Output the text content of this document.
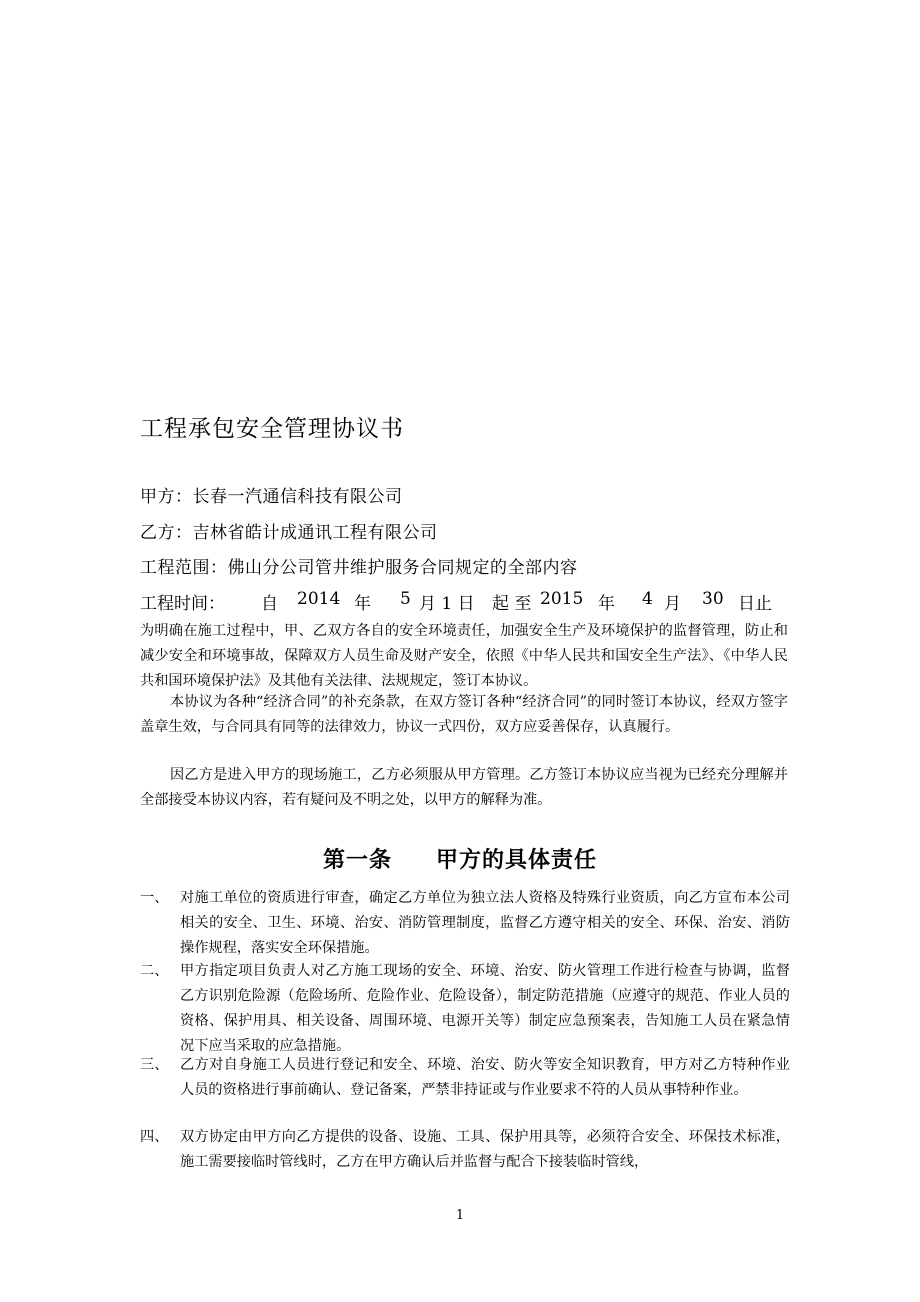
工程承包安全管理协议书
甲方：长春一汽通信科技有限公司
乙方：吉林省皓计成通讯工程有限公司
工程范围：佛山分公司管井维护服务合同规定的全部内容
工程时间： 自 2014 年 5 月 1 日 起 至 2015 年 4 月 30 日止
为明确在施工过程中，甲、乙双方各自的安全环境责任，加强安全生产及环境保护的监督管理，防止和减少安全和环境事故，保障双方人员生命及财产安全，依照《中华人民共和国安全生产法》、《中华人民共和国环境保护法》及其他有关法律、法规规定，签订本协议。
本协议为各种“经济合同”的补充条款，在双方签订各种“经济合同”的同时签订本协议，经双方签字盖章生效，与合同具有同等的法律效力，协议一式四份，双方应妥善保存，认真履行。
因乙方是进入甲方的现场施工，乙方必须服从甲方管理。乙方签订本协议应当视为已经充分理解并全部接受本协议内容，若有疑问及不明之处，以甲方的解释为准。
第一条 甲方的具体责任
一、 对施工单位的资质进行审查，确定乙方单位为独立法人资格及特殊行业资质，向乙方宣布本公司相关的安全、卫生、环境、治安、消防管理制度，监督乙方遵守相关的安全、环保、治安、消防操作规程，落实安全环保措施。
二、 甲方指定项目负责人对乙方施工现场的安全、环境、治安、防火管理工作进行检查与协调，监督乙方识别危险源（危险场所、危险作业、危险设备），制定防范措施（应遵守的规范、作业人员的资格、保护用具、相关设备、周围环境、电源开关等）制定应急预案表，告知施工人员在紧急情况下应当采取的应急措施。
三、 乙方对自身施工人员进行登记和安全、环境、治安、防火等安全知识教育，甲方对乙方特种作业人员的资格进行事前确认、登记备案，严禁非持证或与作业要求不符的人员从事特种作业。
四、 双方协定由甲方向乙方提供的设备、设施、工具、保护用具等，必须符合安全、环保技术标准，施工需要接临时管线时，乙方在甲方确认后并监督与配合下接装临时管线，
1
